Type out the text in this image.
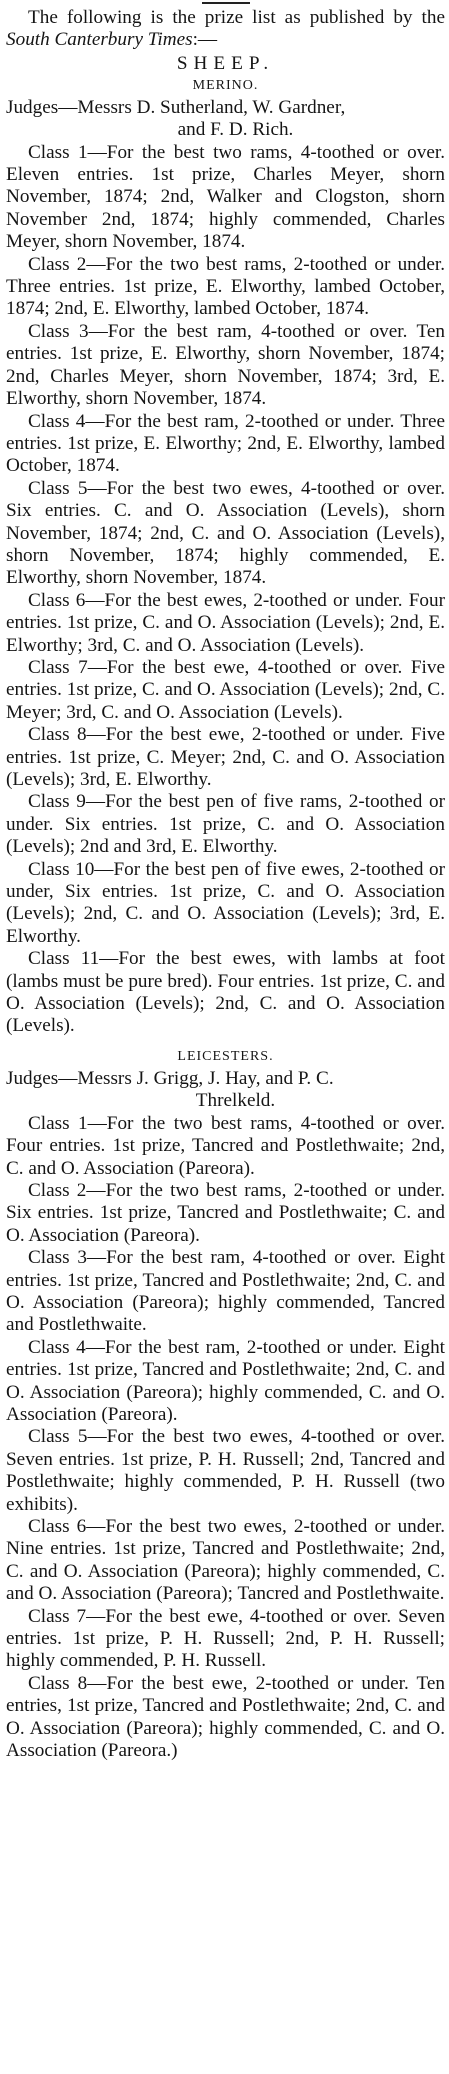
The following is the prize list as published by the South Canterbury Times:—

SHEEP.
MERINO.

Judges—Messrs D. Sutherland, W. Gardner,
and F. D. Rich.

Class 1—For the best two rams, 4-toothed or over. Eleven entries. 1st prize, Charles Meyer, shorn November, 1874; 2nd, Walker and Clogston, shorn November 2nd, 1874; highly commended, Charles Meyer, shorn November, 1874.

Class 2—For the two best rams, 2-toothed or under. Three entries. 1st prize, E. Elworthy, lambed October, 1874; 2nd, E. Elworthy, lambed October, 1874.

Class 3—For the best ram, 4-toothed or over. Ten entries. 1st prize, E. Elworthy, shorn November, 1874; 2nd, Charles Meyer, shorn November, 1874; 3rd, E. Elworthy, shorn November, 1874.

Class 4—For the best ram, 2-toothed or under. Three entries. 1st prize, E. Elworthy; 2nd, E. Elworthy, lambed October, 1874.

Class 5—For the best two ewes, 4-toothed or over. Six entries. C. and O. Association (Levels), shorn November, 1874; 2nd, C. and O. Association (Levels), shorn November, 1874; highly commended, E. Elworthy, shorn November, 1874.

Class 6—For the best ewes, 2-toothed or under. Four entries. 1st prize, C. and O. Association (Levels); 2nd, E. Elworthy; 3rd, C. and O. Association (Levels).

Class 7—For the best ewe, 4-toothed or over. Five entries. 1st prize, C. and O. Association (Levels); 2nd, C. Meyer; 3rd, C. and O. Association (Levels).

Class 8—For the best ewe, 2-toothed or under. Five entries. 1st prize, C. Meyer; 2nd, C. and O. Association (Levels); 3rd, E. Elworthy.

Class 9—For the best pen of five rams, 2-toothed or under. Six entries. 1st prize, C. and O. Association (Levels); 2nd and 3rd, E. Elworthy.

Class 10—For the best pen of five ewes, 2-toothed or under, Six entries. 1st prize, C. and O. Association (Levels); 2nd, C. and O. Association (Levels); 3rd, E. Elworthy.

Class 11—For the best ewes, with lambs at foot (lambs must be pure bred). Four entries. 1st prize, C. and O. Association (Levels); 2nd, C. and O. Association (Levels).

LEICESTERS.

Judges—Messrs J. Grigg, J. Hay, and P. C.
Threlkeld.

Class 1—For the two best rams, 4-toothed or over. Four entries. 1st prize, Tancred and Postlethwaite; 2nd, C. and O. Association (Pareora).

Class 2—For the two best rams, 2-toothed or under. Six entries. 1st prize, Tancred and Postlethwaite; C. and O. Association (Pareora).

Class 3—For the best ram, 4-toothed or over. Eight entries. 1st prize, Tancred and Postlethwaite; 2nd, C. and O. Association (Pareora); highly commended, Tancred and Postlethwaite.

Class 4—For the best ram, 2-toothed or under. Eight entries. 1st prize, Tancred and Postlethwaite; 2nd, C. and O. Association (Pareora); highly commended, C. and O. Association (Pareora).

Class 5—For the best two ewes, 4-toothed or over. Seven entries. 1st prize, P. H. Russell; 2nd, Tancred and Postlethwaite; highly commended, P. H. Russell (two exhibits).

Class 6—For the best two ewes, 2-toothed or under. Nine entries. 1st prize, Tancred and Postlethwaite; 2nd, C. and O. Association (Pareora); highly commended, C. and O. Association (Pareora); Tancred and Postlethwaite.

Class 7—For the best ewe, 4-toothed or over. Seven entries. 1st prize, P. H. Russell; 2nd, P. H. Russell; highly commended, P. H. Russell.

Class 8—For the best ewe, 2-toothed or under. Ten entries, 1st prize, Tancred and Postlethwaite; 2nd, C. and O. Association (Pareora); highly commended, C. and O. Association (Pareora.)
